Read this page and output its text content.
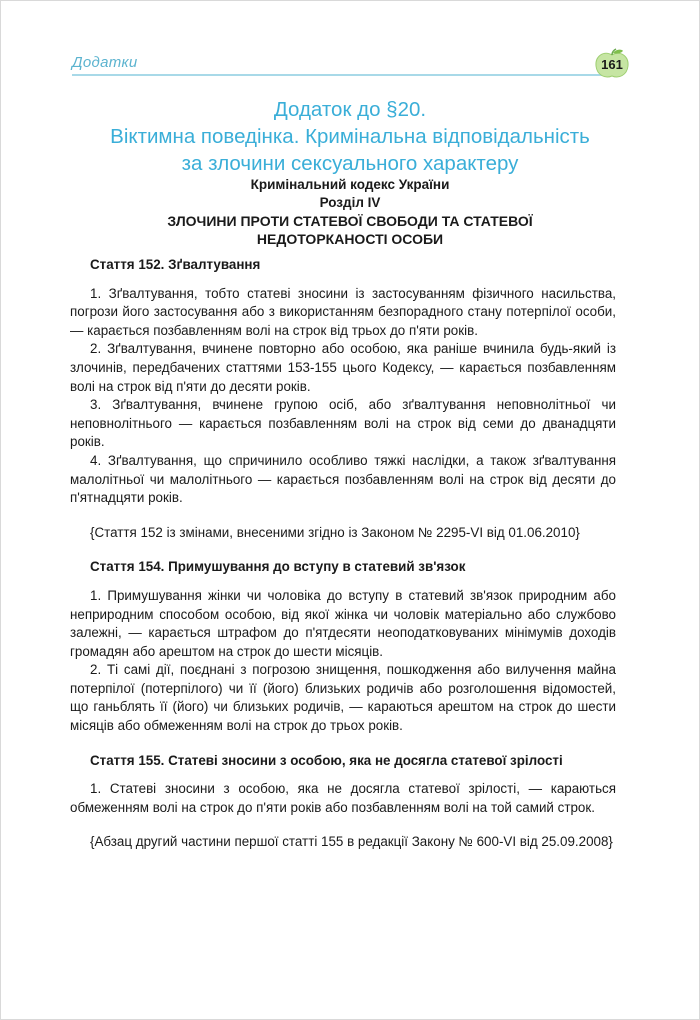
Додатки	161
Додаток до §20.
Віктимна поведінка. Кримінальна відповідальність
за злочини сексуального характеру
Кримінальний кодекс України
Розділ IV
ЗЛОЧИНИ ПРОТИ СТАТЕВОЇ СВОБОДИ ТА СТАТЕВОЇ
НЕДОТОРКАНОСТІ ОСОБИ
Стаття 152. Зґвалтування

1. Зґвалтування, тобто статеві зносини із застосуванням фізичного насильства, погрози його застосування або з використанням безпорадного стану потерпілої особи, — карається позбавленням волі на строк від трьох до п'яти років.

2. Зґвалтування, вчинене повторно або особою, яка раніше вчинила будь-який із злочинів, передбачених статтями 153-155 цього Кодексу, — карається позбавленням волі на строк від п'яти до десяти років.

3. Зґвалтування, вчинене групою осіб, або зґвалтування неповнолітньої чи неповнолітнього — карається позбавленням волі на строк від семи до дванадцяти років.

4. Зґвалтування, що спричинило особливо тяжкі наслідки, а також зґвалтування малолітньої чи малолітнього — карається позбавленням волі на строк від десяти до п'ятнадцяти років.

{Стаття 152 із змінами, внесеними згідно із Законом № 2295-VI від 01.06.2010}

Стаття 154. Примушування до вступу в статевий зв'язок

1. Примушування жінки чи чоловіка до вступу в статевий зв'язок природним або неприродним способом особою, від якої жінка чи чоловік матеріально або службово залежні, — карається штрафом до п'ятдесяти неоподатковуваних мінімумів доходів громадян або арештом на строк до шести місяців.

2. Ті самі дії, поєднані з погрозою знищення, пошкодження або вилучення майна потерпілої (потерпілого) чи її (його) близьких родичів або розголошення відомостей, що ганьблять її (його) чи близьких родичів, — караються арештом на строк до шести місяців або обмеженням волі на строк до трьох років.

Стаття 155. Статеві зносини з особою, яка не досягла статевої зрілості

1. Статеві зносини з особою, яка не досягла статевої зрілості, — караються обмеженням волі на строк до п'яти років або позбавленням волі на той самий строк.

{Абзац другий частини першої статті 155 в редакції Закону № 600-VI від 25.09.2008}
